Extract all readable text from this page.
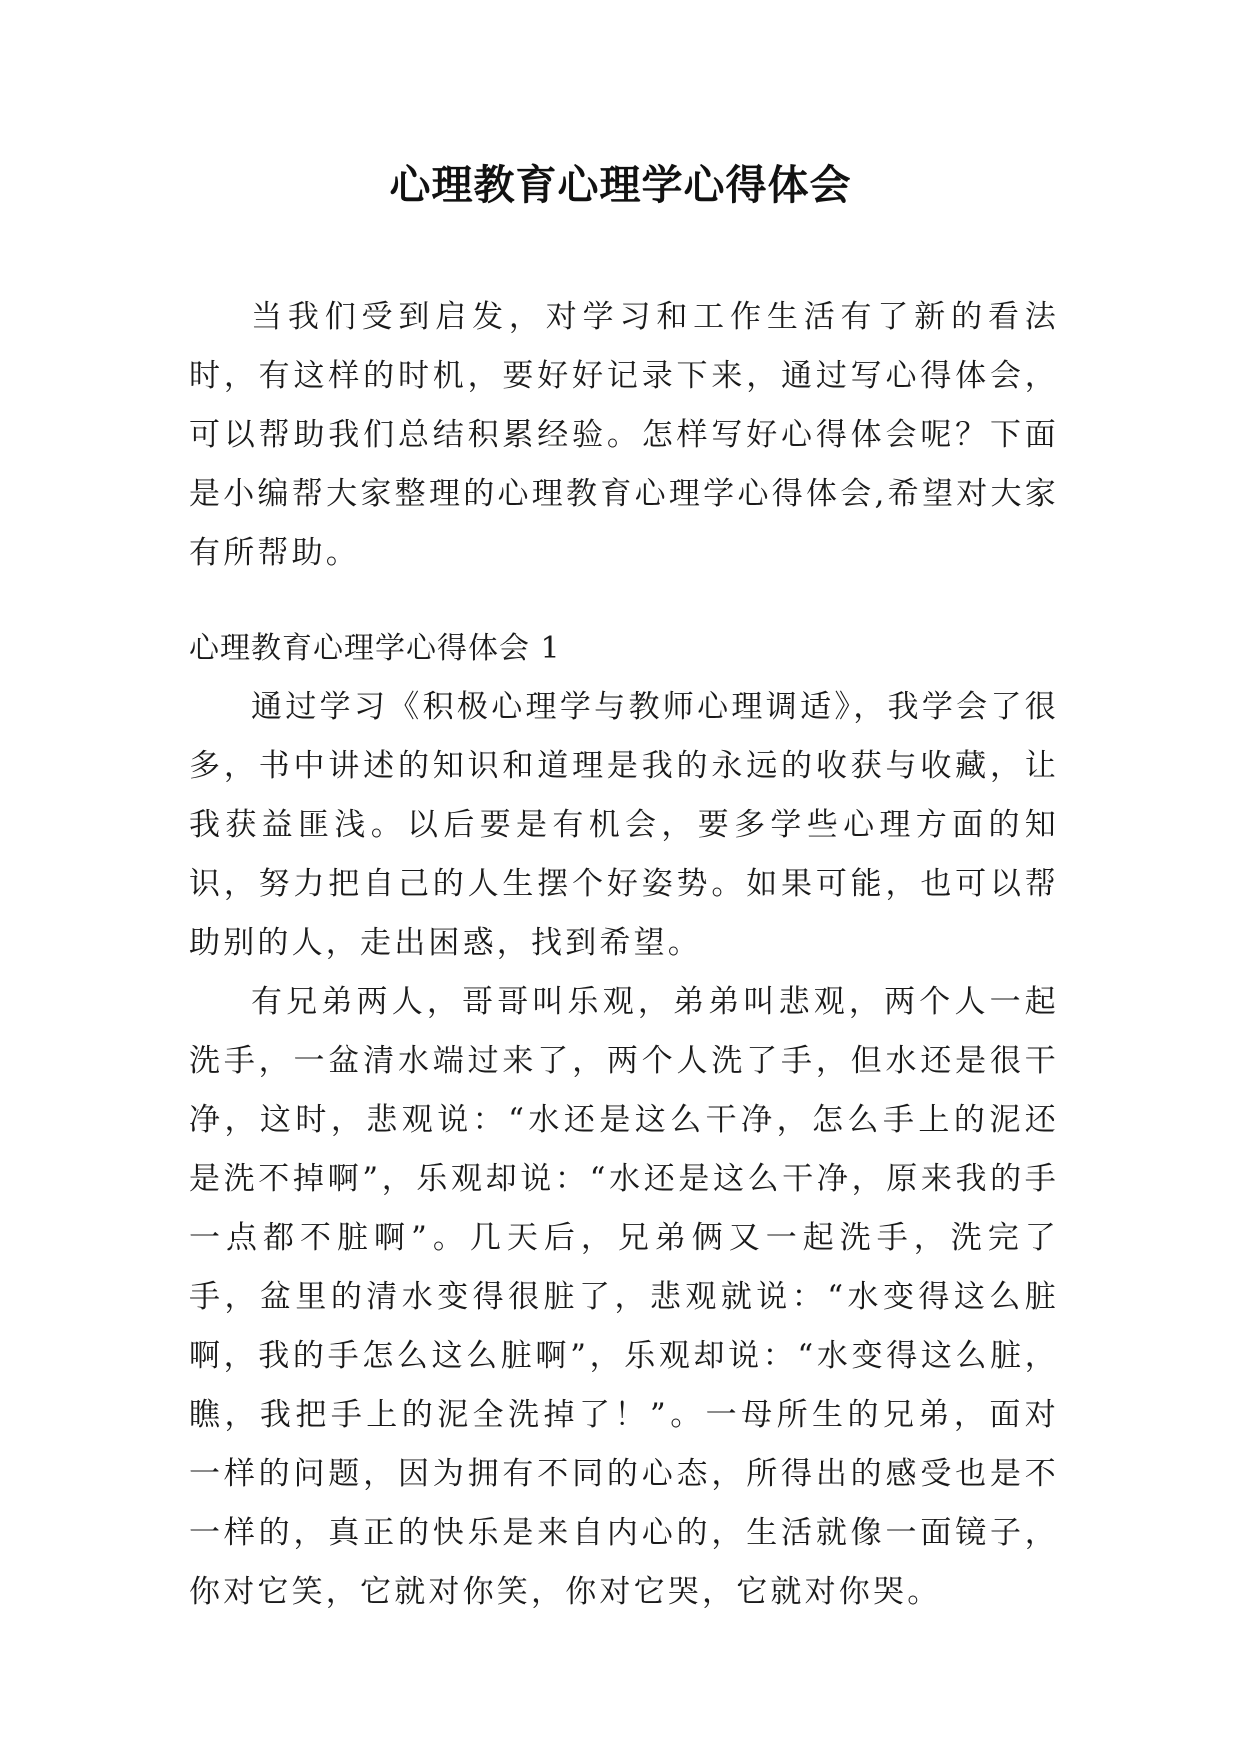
心理教育心理学心得体会

当我们受到启发，对学习和工作生活有了新的看法时，有这样的时机，要好好记录下来，通过写心得体会，可以帮助我们总结积累经验。怎样写好心得体会呢？下面是小编帮大家整理的心理教育心理学心得体会,希望对大家有所帮助。

心理教育心理学心得体会 1

通过学习《积极心理学与教师心理调适》，我学会了很多，书中讲述的知识和道理是我的永远的收获与收藏，让我获益匪浅。以后要是有机会，要多学些心理方面的知识，努力把自己的人生摆个好姿势。如果可能，也可以帮助别的人，走出困惑，找到希望。

有兄弟两人，哥哥叫乐观，弟弟叫悲观，两个人一起洗手，一盆清水端过来了，两个人洗了手，但水还是很干净，这时，悲观说：“水还是这么干净，怎么手上的泥还是洗不掉啊”，乐观却说：“水还是这么干净，原来我的手一点都不脏啊”。几天后，兄弟俩又一起洗手，洗完了手，盆里的清水变得很脏了，悲观就说：“水变得这么脏啊，我的手怎么这么脏啊”，乐观却说：“水变得这么脏，瞧，我把手上的泥全洗掉了！”。一母所生的兄弟，面对一样的问题，因为拥有不同的心态，所得出的感受也是不一样的，真正的快乐是来自内心的，生活就像一面镜子，你对它笑，它就对你笑，你对它哭，它就对你哭。
